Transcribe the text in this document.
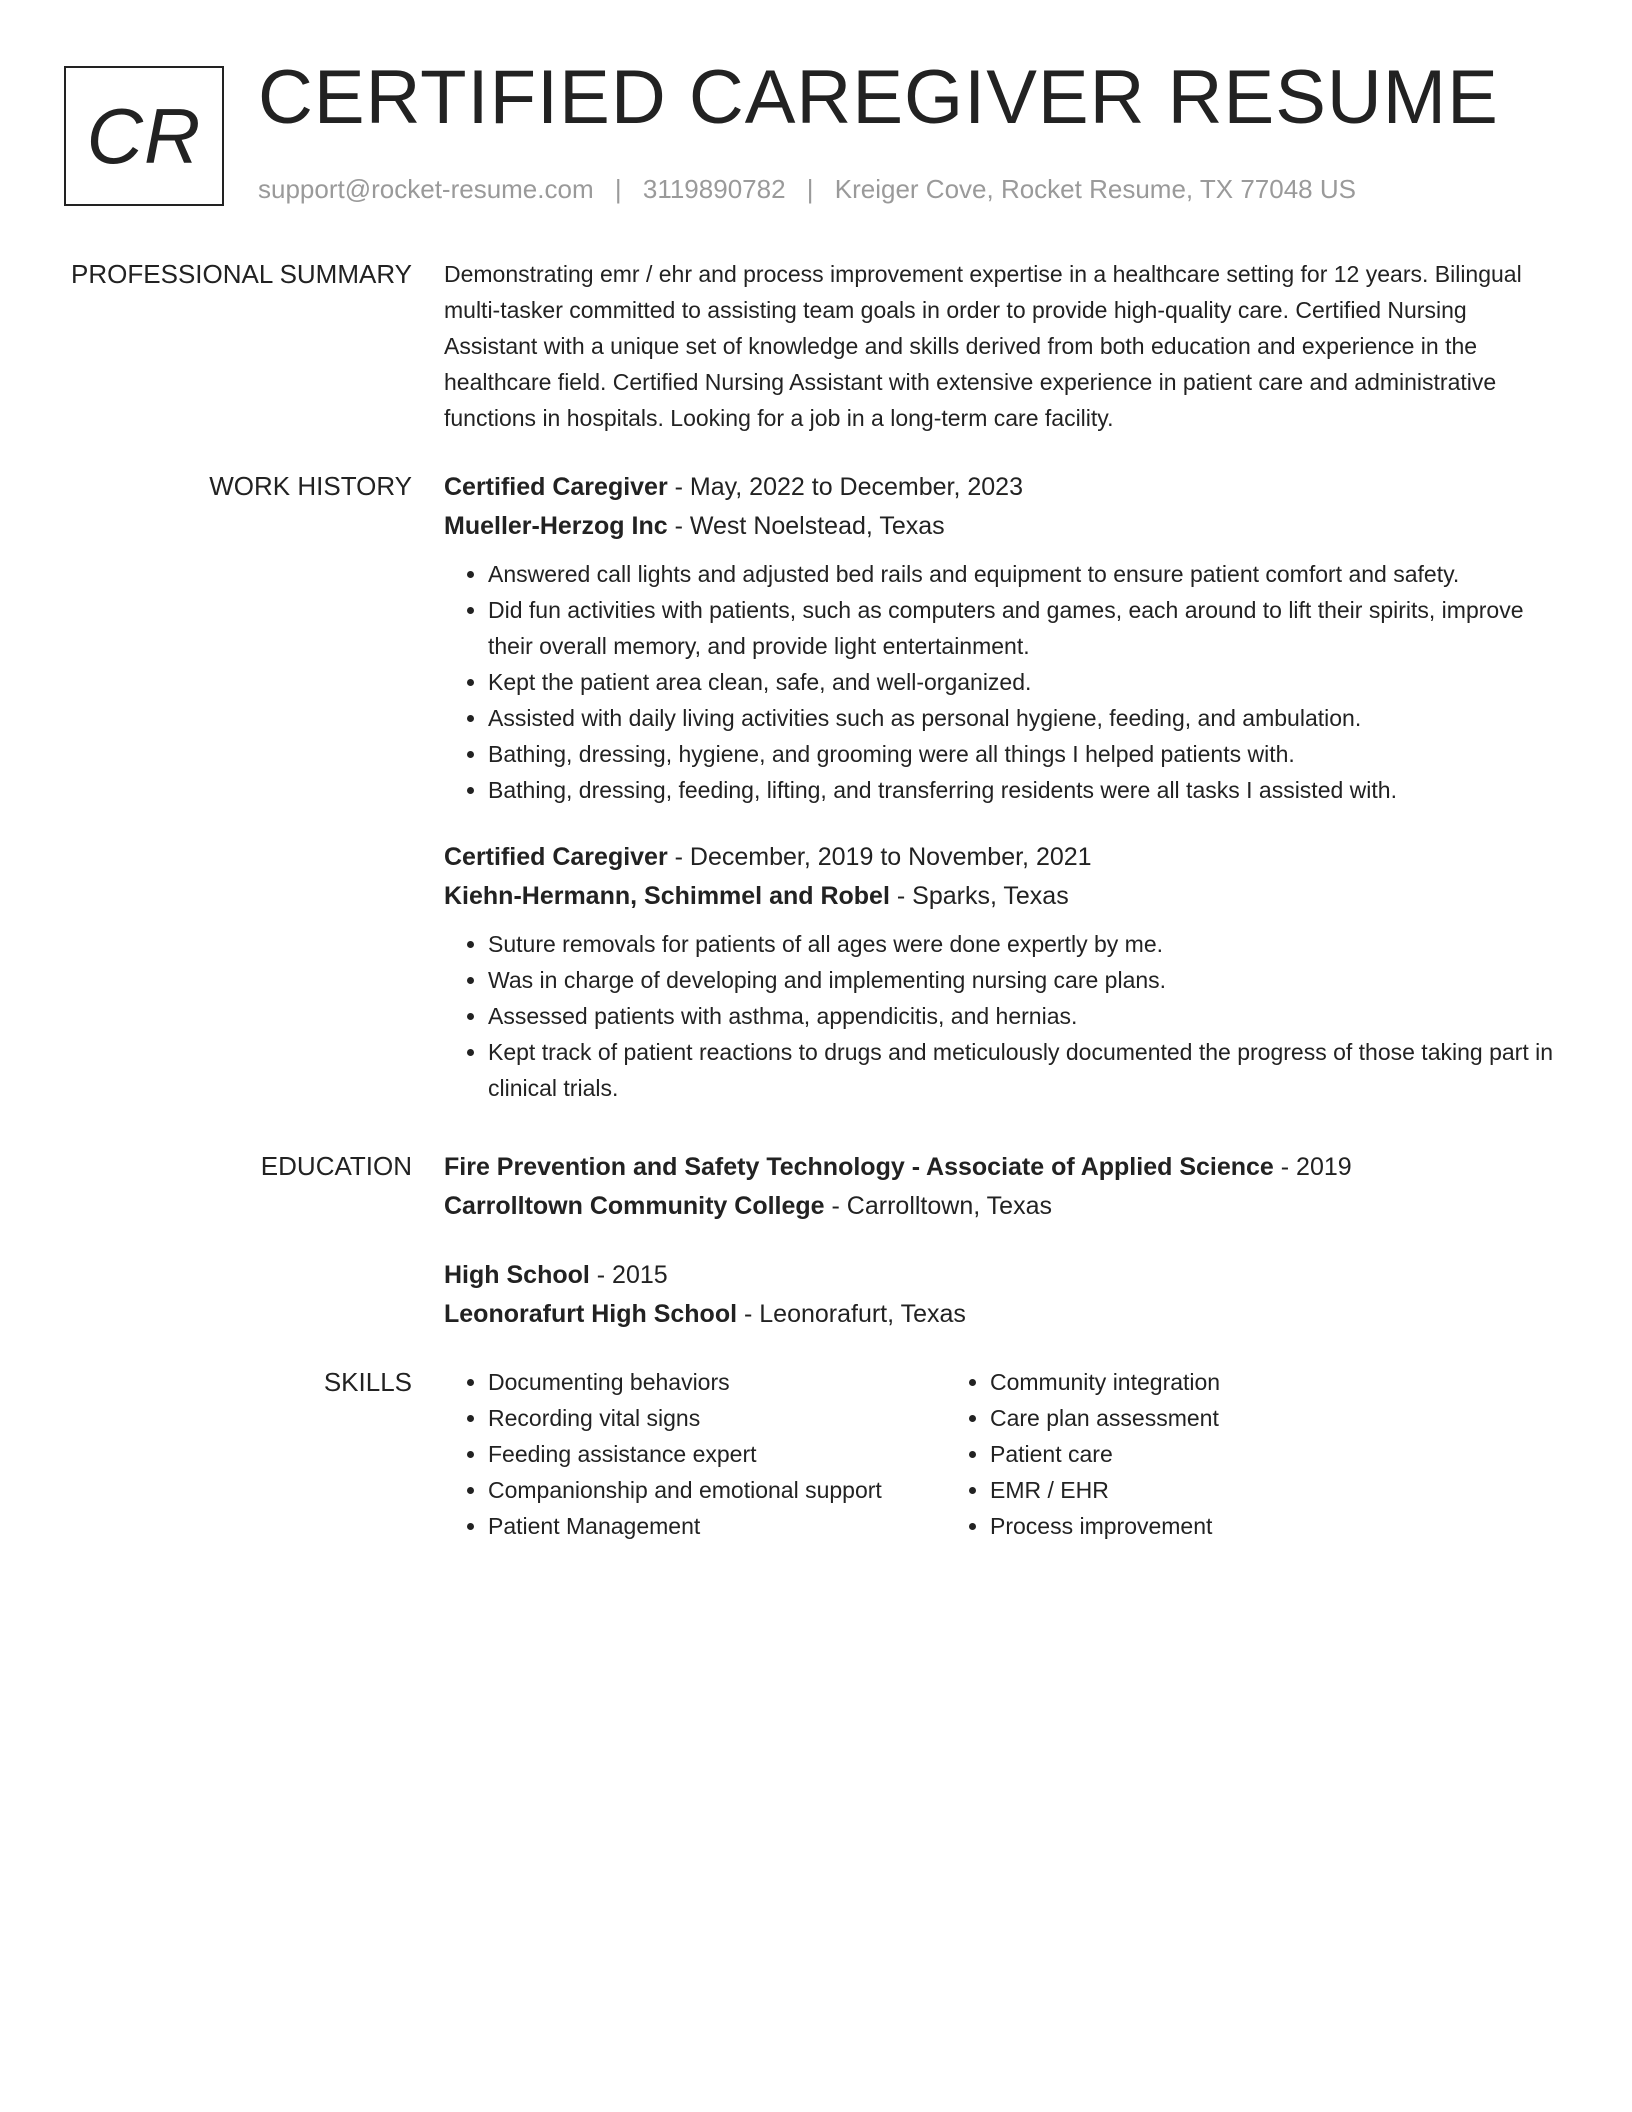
CR CERTIFIED CAREGIVER RESUME
support@rocket-resume.com | 3119890782 | Kreiger Cove, Rocket Resume, TX 77048 US
PROFESSIONAL SUMMARY Demonstrating emr / ehr and process improvement expertise in a healthcare setting for 12 years. Bilingual multi-tasker committed to assisting team goals in order to provide high-quality care. Certified Nursing Assistant with a unique set of knowledge and skills derived from both education and experience in the healthcare field. Certified Nursing Assistant with extensive experience in patient care and administrative functions in hospitals. Looking for a job in a long-term care facility.

WORK HISTORY Certified Caregiver - May, 2022 to December, 2023
Mueller-Herzog Inc - West Noelstead, Texas
• Answered call lights and adjusted bed rails and equipment to ensure patient comfort and safety.
• Did fun activities with patients, such as computers and games, each around to lift their spirits, improve their overall memory, and provide light entertainment.
• Kept the patient area clean, safe, and well-organized.
• Assisted with daily living activities such as personal hygiene, feeding, and ambulation.
• Bathing, dressing, hygiene, and grooming were all things I helped patients with.
• Bathing, dressing, feeding, lifting, and transferring residents were all tasks I assisted with.
Certified Caregiver - December, 2019 to November, 2021
Kiehn-Hermann, Schimmel and Robel - Sparks, Texas
• Suture removals for patients of all ages were done expertly by me.
• Was in charge of developing and implementing nursing care plans.
• Assessed patients with asthma, appendicitis, and hernias.
• Kept track of patient reactions to drugs and meticulously documented the progress of those taking part in clinical trials.
EDUCATION Fire Prevention and Safety Technology - Associate of Applied Science - 2019
Carrolltown Community College - Carrolltown, Texas
High School - 2015
Leonorafurt High School - Leonorafurt, Texas
SKILLS
•	Documenting behaviors
• Recording vital signs
• Feeding assistance expert
• Companionship and emotional support
• Patient Management
• Community integration
• Care plan assessment
• Patient care
• EMR / EHR
• Process improvement
